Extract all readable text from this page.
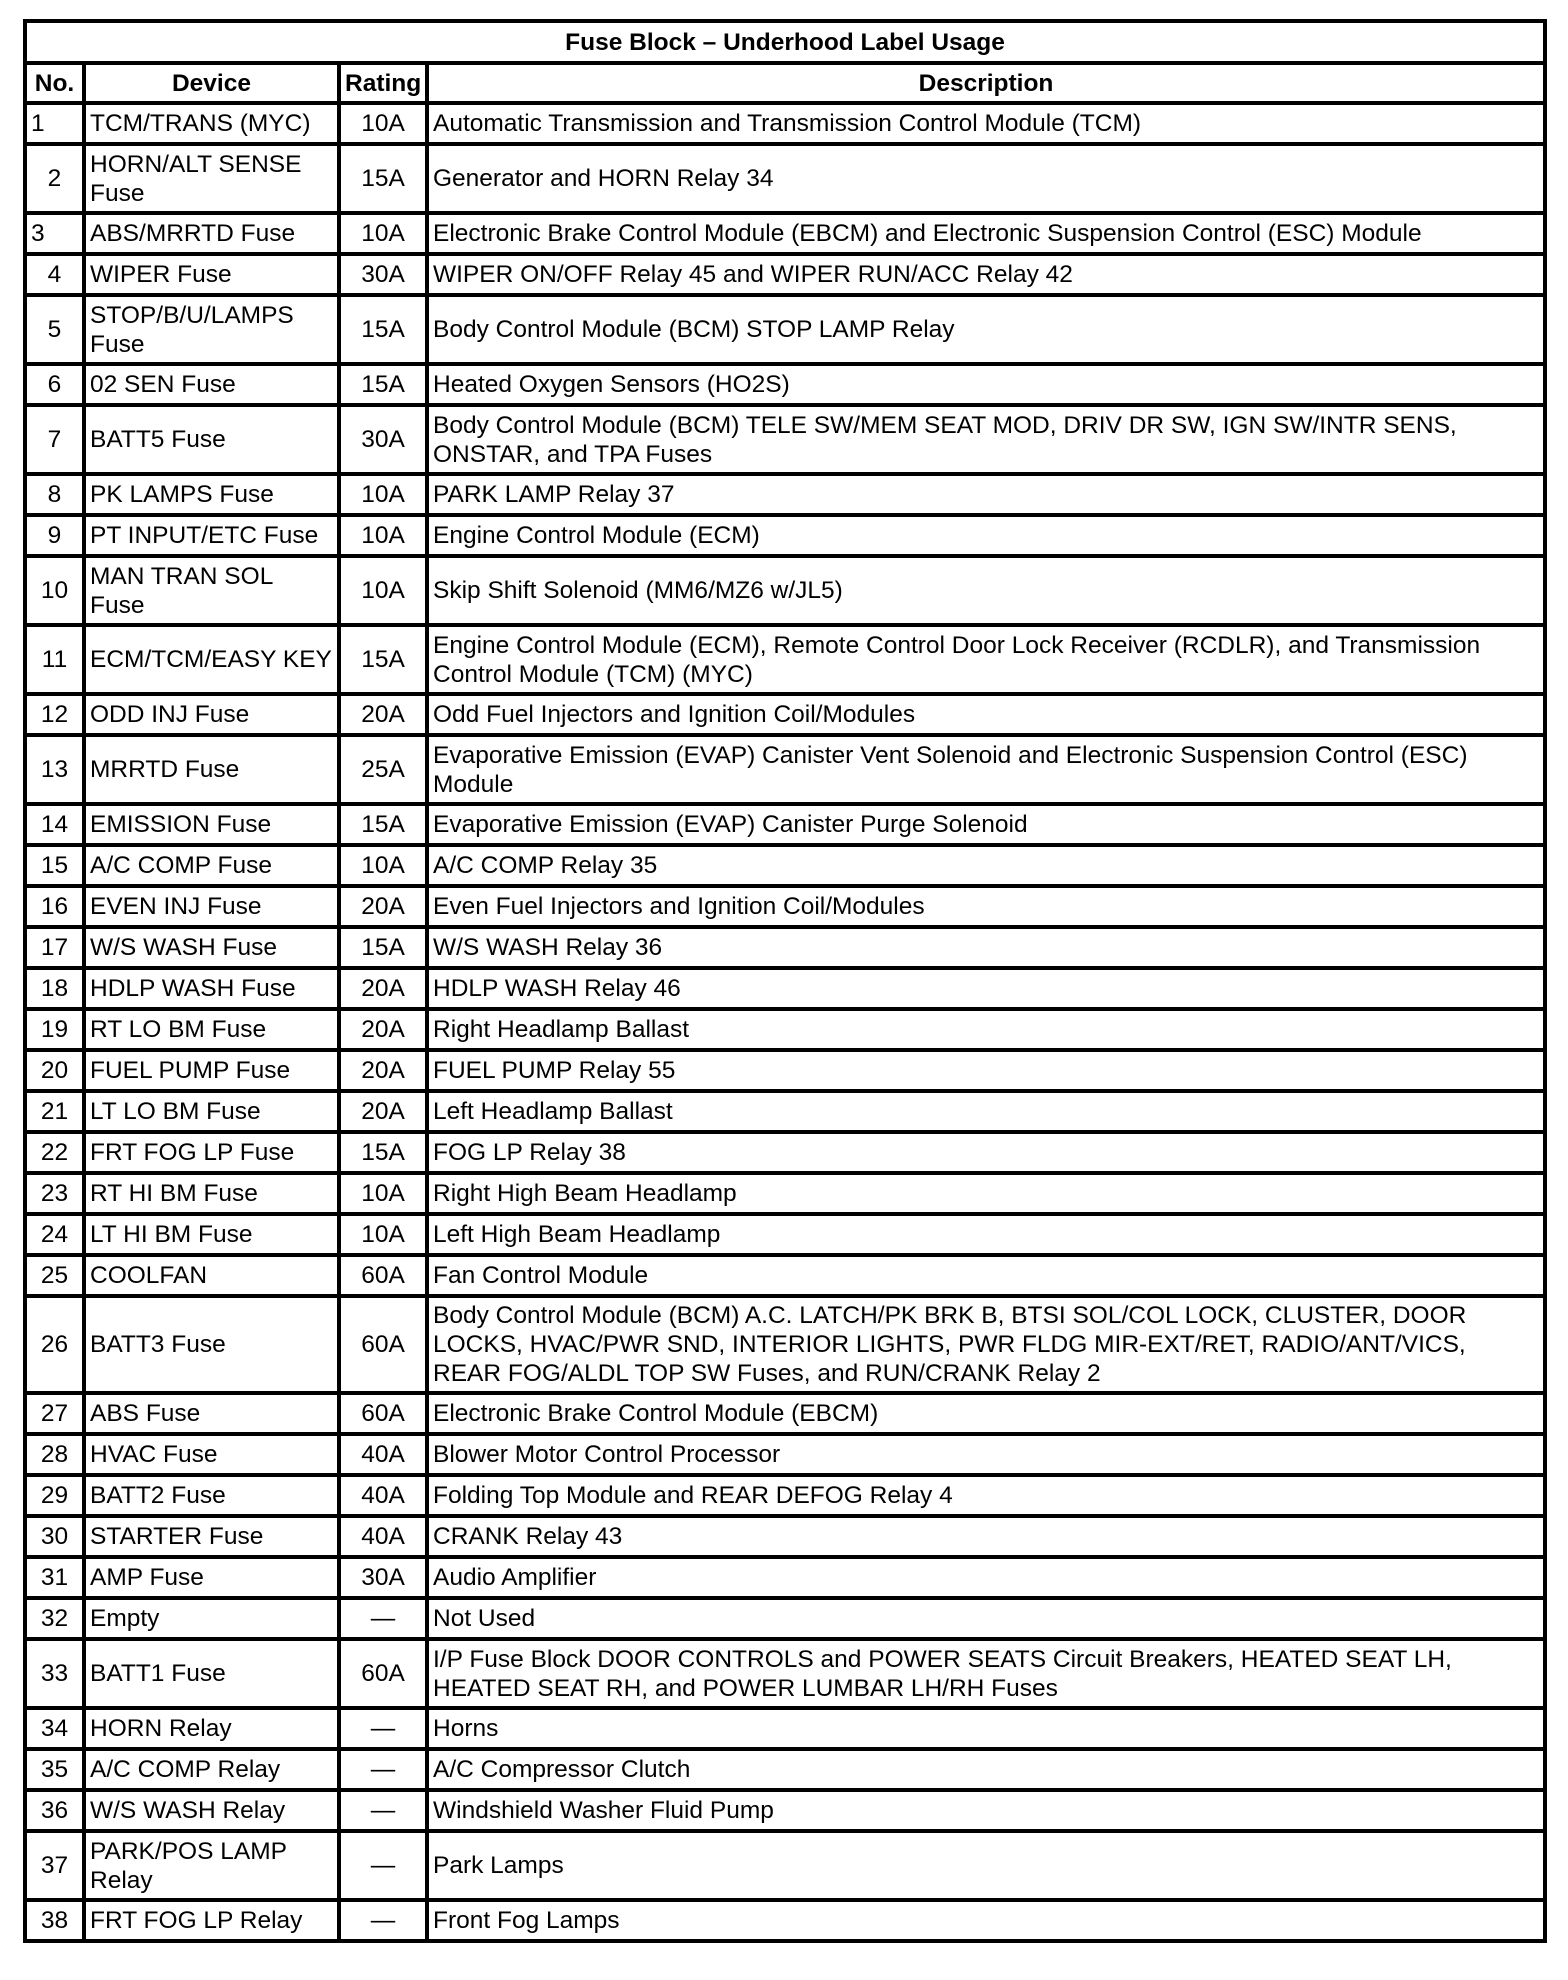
Fuse Block – Underhood Label Usage			
No.	Device	Rating	Description
1	TCM/TRANS (MYC)	10A	Automatic Transmission and Transmission Control Module (TCM)
2	HORN/ALT SENSE Fuse	15A	Generator and HORN Relay 34
3	ABS/MRRTD Fuse	10A	Electronic Brake Control Module (EBCM) and Electronic Suspension Control (ESC) Module
4	WIPER Fuse	30A	WIPER ON/OFF Relay 45 and WIPER RUN/ACC Relay 42
5	STOP/B/U/LAMPS Fuse	15A	Body Control Module (BCM) STOP LAMP Relay
6	02 SEN Fuse	15A	Heated Oxygen Sensors (HO2S)
7	BATT5 Fuse	30A	Body Control Module (BCM) TELE SW/MEM SEAT MOD, DRIV DR SW, IGN SW/INTR SENS, ONSTAR, and TPA Fuses
8	PK LAMPS Fuse	10A	PARK LAMP Relay 37
9	PT INPUT/ETC Fuse	10A	Engine Control Module (ECM)
10	MAN TRAN SOL Fuse	10A	Skip Shift Solenoid (MM6/MZ6 w/JL5)
11	ECM/TCM/EASY KEY	15A	Engine Control Module (ECM), Remote Control Door Lock Receiver (RCDLR), and Transmission Control Module (TCM) (MYC)
12	ODD INJ Fuse	20A	Odd Fuel Injectors and Ignition Coil/Modules
13	MRRTD Fuse	25A	Evaporative Emission (EVAP) Canister Vent Solenoid and Electronic Suspension Control (ESC) Module
14	EMISSION Fuse	15A	Evaporative Emission (EVAP) Canister Purge Solenoid
15	A/C COMP Fuse	10A	A/C COMP Relay 35
16	EVEN INJ Fuse	20A	Even Fuel Injectors and Ignition Coil/Modules
17	W/S WASH Fuse	15A	W/S WASH Relay 36
18	HDLP WASH Fuse	20A	HDLP WASH Relay 46
19	RT LO BM Fuse	20A	Right Headlamp Ballast
20	FUEL PUMP Fuse	20A	FUEL PUMP Relay 55
21	LT LO BM Fuse	20A	Left Headlamp Ballast
22	FRT FOG LP Fuse	15A	FOG LP Relay 38
23	RT HI BM Fuse	10A	Right High Beam Headlamp
24	LT HI BM Fuse	10A	Left High Beam Headlamp
25	COOLFAN	60A	Fan Control Module
26	BATT3 Fuse	60A	Body Control Module (BCM) A.C. LATCH/PK BRK B, BTSI SOL/COL LOCK, CLUSTER, DOOR LOCKS, HVAC/PWR SND, INTERIOR LIGHTS, PWR FLDG MIR-EXT/RET, RADIO/ANT/VICS, REAR FOG/ALDL TOP SW Fuses, and RUN/CRANK Relay 2
27	ABS Fuse	60A	Electronic Brake Control Module (EBCM)
28	HVAC Fuse	40A	Blower Motor Control Processor
29	BATT2 Fuse	40A	Folding Top Module and REAR DEFOG Relay 4
30	STARTER Fuse	40A	CRANK Relay 43
31	AMP Fuse	30A	Audio Amplifier
32	Empty	—	Not Used
33	BATT1 Fuse	60A	I/P Fuse Block DOOR CONTROLS and POWER SEATS Circuit Breakers, HEATED SEAT LH, HEATED SEAT RH, and POWER LUMBAR LH/RH Fuses
34	HORN Relay	—	Horns
35	A/C COMP Relay	—	A/C Compressor Clutch
36	W/S WASH Relay	—	Windshield Washer Fluid Pump
37	PARK/POS LAMP Relay	—	Park Lamps
38	FRT FOG LP Relay	—	Front Fog Lamps
